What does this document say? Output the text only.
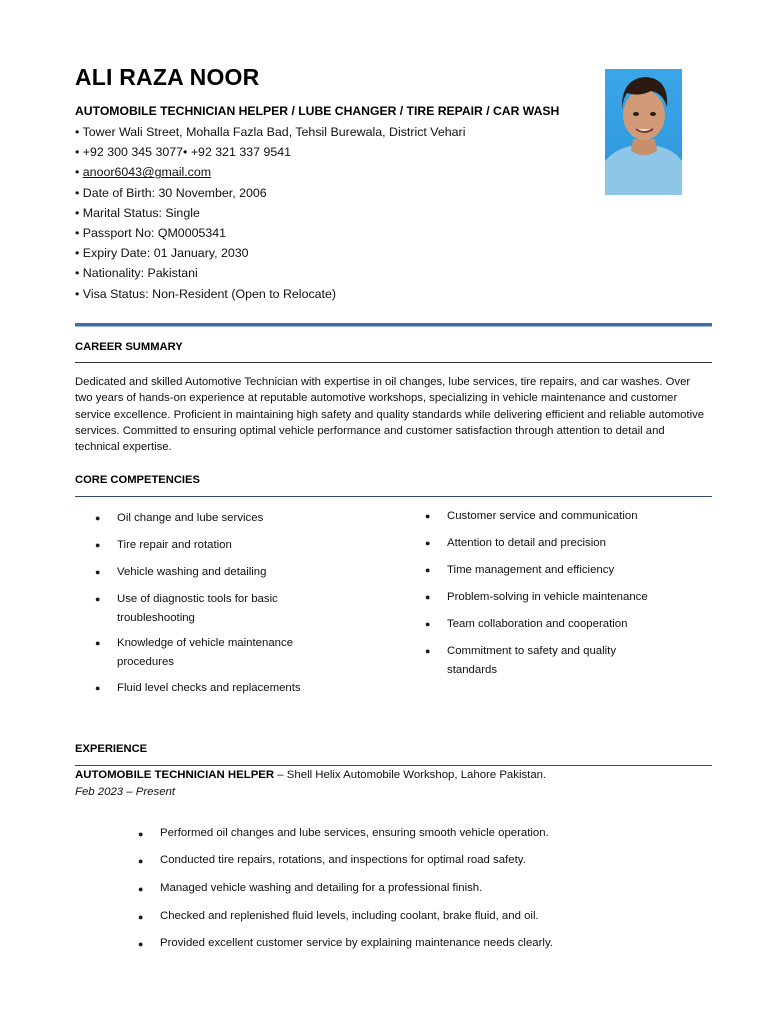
ALI RAZA NOOR
AUTOMOBILE TECHNICIAN HELPER / LUBE CHANGER / TIRE REPAIR / CAR WASH
• Tower Wali Street, Mohalla Fazla Bad, Tehsil Burewala, District Vehari
• +92 300 345 3077• +92 321 337 9541
• anoor6043@gmail.com
• Date of Birth: 30 November, 2006
• Marital Status: Single
• Passport No: QM0005341
• Expiry Date: 01 January, 2030
• Nationality: Pakistani
• Visa Status: Non-Resident (Open to Relocate)
CAREER SUMMARY
Dedicated and skilled Automotive Technician with expertise in oil changes, lube services, tire repairs, and car washes. Over two years of hands-on experience at reputable automotive workshops, specializing in vehicle maintenance and customer service excellence. Proficient in maintaining high safety and quality standards while delivering efficient and reliable automotive services. Committed to ensuring optimal vehicle performance and customer satisfaction through attention to detail and technical expertise.
CORE COMPETENCIES
● Oil change and lube services
● Tire repair and rotation
● Vehicle washing and detailing
● Use of diagnostic tools for basic troubleshooting
● Knowledge of vehicle maintenance procedures
● Fluid level checks and replacements
● Customer service and communication
● Attention to detail and precision
● Time management and efficiency
● Problem-solving in vehicle maintenance
● Team collaboration and cooperation
● Commitment to safety and quality standards
EXPERIENCE
AUTOMOBILE TECHNICIAN HELPER – Shell Helix Automobile Workshop, Lahore Pakistan.
Feb 2023 – Present
● Performed oil changes and lube services, ensuring smooth vehicle operation.
● Conducted tire repairs, rotations, and inspections for optimal road safety.
● Managed vehicle washing and detailing for a professional finish.
● Checked and replenished fluid levels, including coolant, brake fluid, and oil.
● Provided excellent customer service by explaining maintenance needs clearly.
